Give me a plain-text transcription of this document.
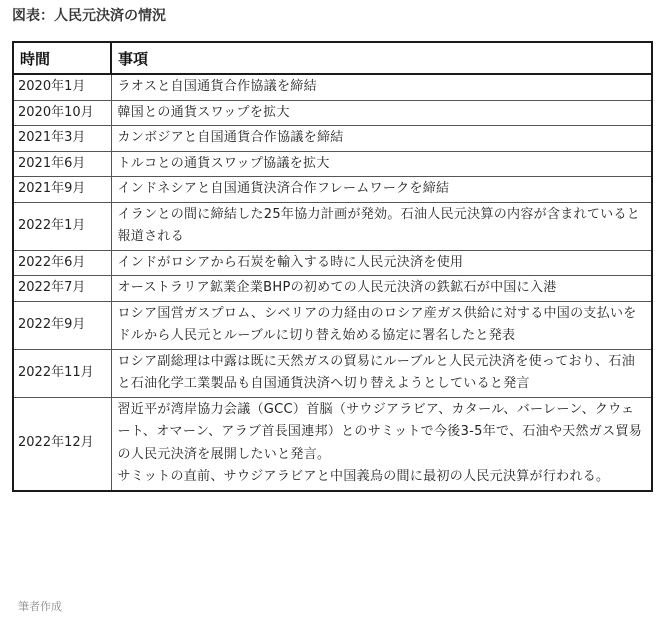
図表：人民元決済の情況
時間	事項
2020年1月	ラオスと自国通貨合作協議を締結

2020年10月	韓国との通貨スワップを拡大

2021年3月	カンボジアと自国通貨合作協議を締結

2021年6月	トルコとの通貨スワップ協議を拡大

2021年9月	インドネシアと自国通貨決済合作フレームワークを締結

2022年1月	イランとの間に締結した25年協力計画が発効。石油人民元決算の内容が含まれていると報道される

2022年6月	インドがロシアから石炭を輸入する時に人民元決済を使用

2022年7月	オーストラリア鉱業企業BHPの初めての人民元決済の鉄鉱石が中国に入港

2022年9月	ロシア国営ガスプロム、シベリアの力経由のロシア産ガス供給に対する中国の支払いをドルから人民元とルーブルに切り替え始める協定に署名したと発表

2022年11月	ロシア副総理は中露は既に天然ガスの貿易にルーブルと人民元決済を使っており、石油と石油化学工業製品も自国通貨決済へ切り替えようとしていると発言

2022年12月	習近平が湾岸協力会議（GCC）首脳（サウジアラビア、カタール、バーレーン、クウェート、オマーン、アラブ首長国連邦）とのサミットで今後3-5年で、石油や天然ガス貿易の人民元決済を展開したいと発言。
サミットの直前、サウジアラビアと中国義烏の間に最初の人民元決算が行われる。
筆者作成
